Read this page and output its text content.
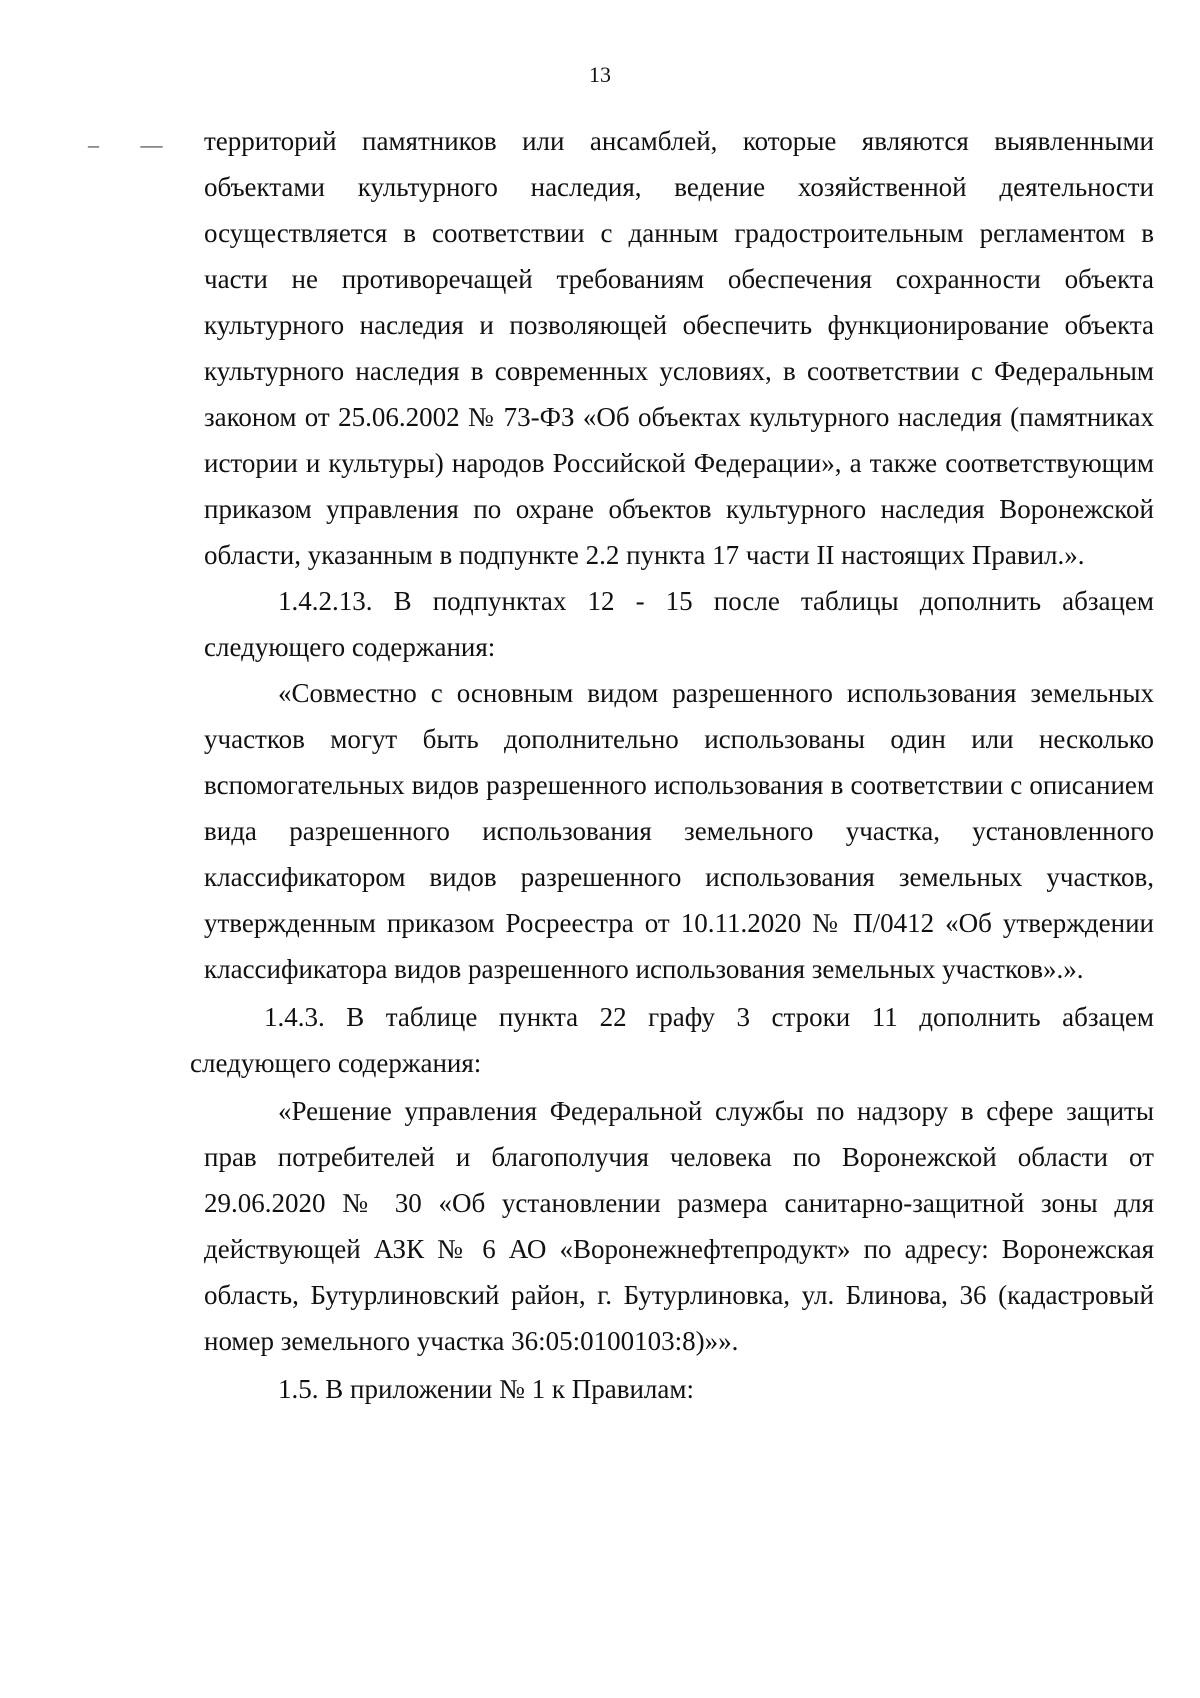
13
– — территорий памятников или ансамблей, которые являются выявленными объектами культурного наследия, ведение хозяйственной деятельности осуществляется в соответствии с данным градостроительным регламентом в части не противоречащей требованиям обеспечения сохранности объекта культурного наследия и позволяющей обеспечить функционирование объекта культурного наследия в современных условиях, в соответствии с Федеральным законом от 25.06.2002 № 73-ФЗ «Об объектах культурного наследия (памятниках истории и культуры) народов Российской Федерации», а также соответствующим приказом управления по охране объектов культурного наследия Воронежской области, указанным в подпункте 2.2 пункта 17 части II настоящих Правил.».

1.4.2.13. В подпунктах 12 - 15 после таблицы дополнить абзацем следующего содержания:

«Совместно с основным видом разрешенного использования земельных участков могут быть дополнительно использованы один или несколько вспомогательных видов разрешенного использования в соответствии с описанием вида разрешенного использования земельного участка, установленного классификатором видов разрешенного использования земельных участков, утвержденным приказом Росреестра от 10.11.2020 № П/0412 «Об утверждении классификатора видов разрешенного использования земельных участков».».

1.4.3. В таблице пункта 22 графу 3 строки 11 дополнить абзацем следующего содержания:

«Решение управления Федеральной службы по надзору в сфере защиты прав потребителей и благополучия человека по Воронежской области от 29.06.2020 № 30 «Об установлении размера санитарно-защитной зоны для действующей АЗК № 6 АО «Воронежнефтепродукт» по адресу: Воронежская область, Бутурлиновский район, г. Бутурлиновка, ул. Блинова, 36 (кадастровый номер земельного участка 36:05:0100103:8)»».

1.5. В приложении № 1 к Правилам:
